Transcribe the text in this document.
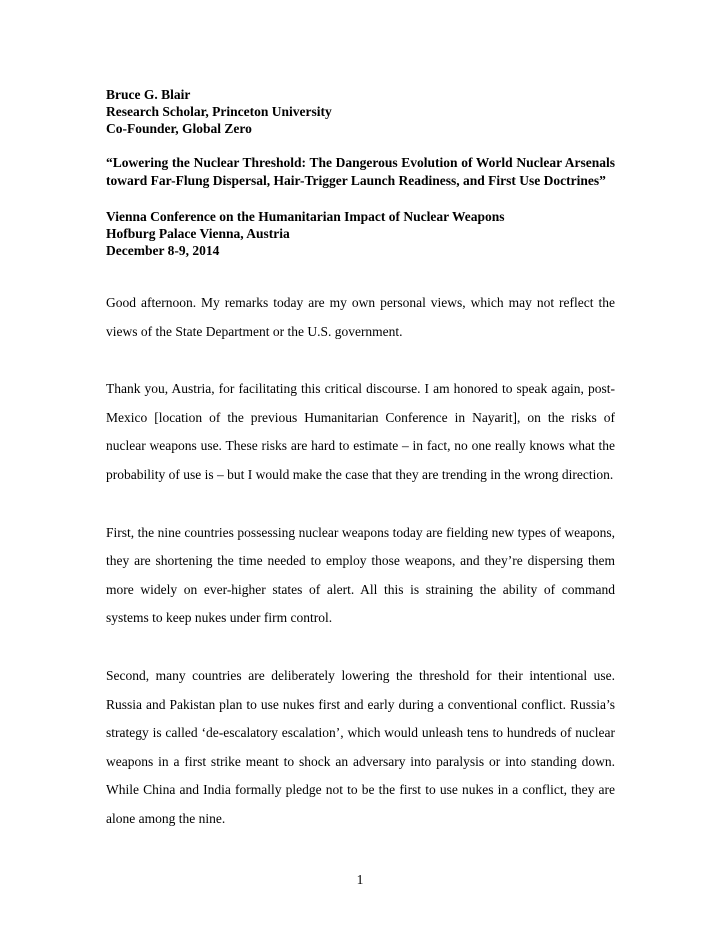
Bruce G. Blair
Research Scholar, Princeton University
Co-Founder, Global Zero
“Lowering the Nuclear Threshold: The Dangerous Evolution of World Nuclear Arsenals toward Far-Flung Dispersal, Hair-Trigger Launch Readiness, and First Use Doctrines”
Vienna Conference on the Humanitarian Impact of Nuclear Weapons
Hofburg Palace Vienna, Austria
December 8-9, 2014

Good afternoon. My remarks today are my own personal views, which may not reflect the views of the State Department or the U.S. government.

Thank you, Austria, for facilitating this critical discourse. I am honored to speak again, post-Mexico [location of the previous Humanitarian Conference in Nayarit], on the risks of nuclear weapons use. These risks are hard to estimate – in fact, no one really knows what the probability of use is – but I would make the case that they are trending in the wrong direction.

First, the nine countries possessing nuclear weapons today are fielding new types of weapons, they are shortening the time needed to employ those weapons, and they’re dispersing them more widely on ever-higher states of alert. All this is straining the ability of command systems to keep nukes under firm control.

Second, many countries are deliberately lowering the threshold for their intentional use. Russia and Pakistan plan to use nukes first and early during a conventional conflict. Russia’s strategy is called ‘de-escalatory escalation’, which would unleash tens to hundreds of nuclear weapons in a first strike meant to shock an adversary into paralysis or into standing down. While China and India formally pledge not to be the first to use nukes in a conflict, they are alone among the nine.

1
